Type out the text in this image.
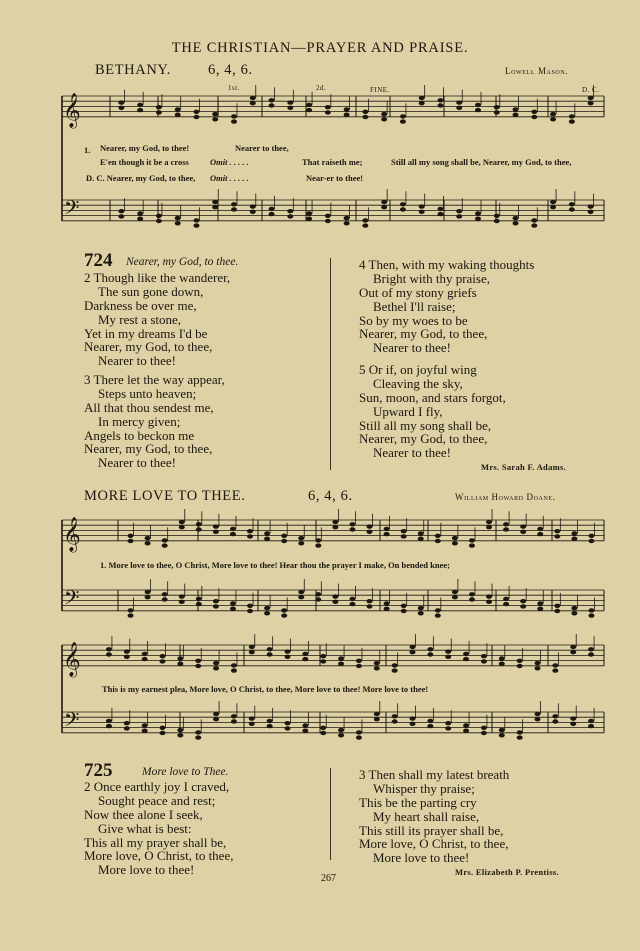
THE CHRISTIAN—PRAYER AND PRAISE.
BETHANY.	6, 4, 6.	Lowell Mason.
1st.	2d.	FINE.	D. C.
1. Nearer, my God, to thee!	Nearer to thee,
E'en though it be a cross Omit . . . . .	That raiseth me;	Still all my song shall be, Nearer, my God, to thee,
D. C. Nearer, my God, to thee, Omit . . . . .	Near-er to thee!
724 Nearer, my God, to thee.
2 Though like the wanderer,
The sun gone down,
Darkness be over me,
My rest a stone,
Yet in my dreams I'd be
Nearer, my God, to thee,
Nearer to thee!
3 There let the way appear,
Steps unto heaven;
All that thou sendest me,
In mercy given;
Angels to beckon me
Nearer, my God, to thee,
Nearer to thee!
4 Then, with my waking thoughts
Bright with thy praise,
Out of my stony griefs
Bethel I'll raise;
So by my woes to be
Nearer, my God, to thee,
Nearer to thee!
5 Or if, on joyful wing
Cleaving the sky,
Sun, moon, and stars forgot,
Upward I fly,
Still all my song shall be,
Nearer, my God, to thee,
Nearer to thee!
Mrs. Sarah F. Adams.
MORE LOVE TO THEE.	6, 4, 6.	William Howard Doane.
1. More love to thee, O Christ, More love to thee! Hear thou the prayer I make, On bended knee;
This is my earnest plea, More love, O Christ, to thee, More love to thee! More love to thee!
725	More love to Thee.
2 Once earthly joy I craved,
Sought peace and rest;
Now thee alone I seek,
Give what is best:
This all my prayer shall be,
More love, O Christ, to thee,
More love to thee!
3 Then shall my latest breath
Whisper thy praise;
This be the parting cry
My heart shall raise,
This still its prayer shall be,
More love, O Christ, to thee,
More love to thee!
Mrs. Elizabeth P. Prentiss.
267
𝄞
𝄢
𝄞
𝄢
𝄞
𝄢
